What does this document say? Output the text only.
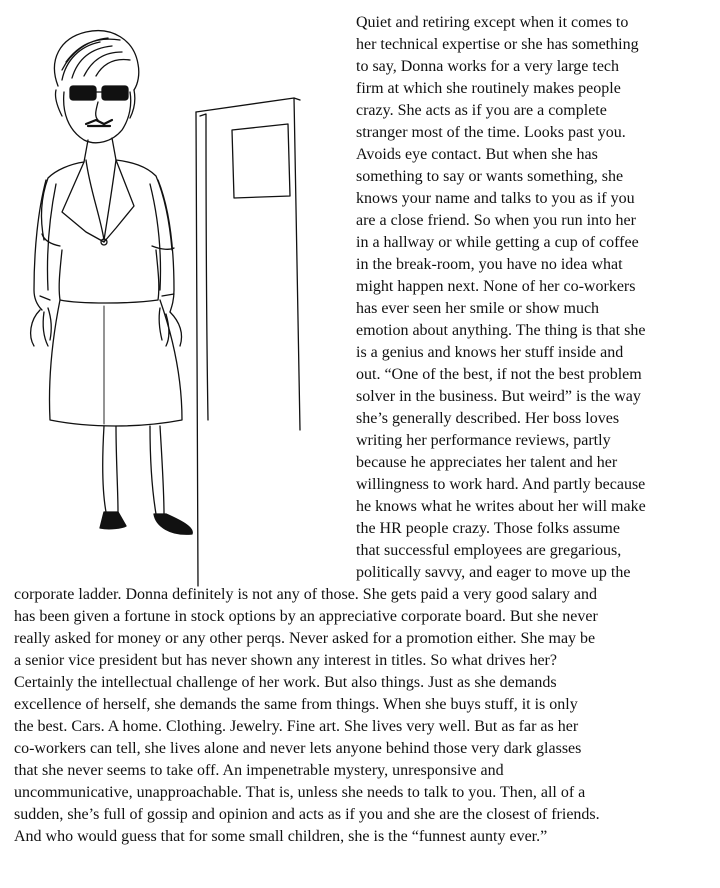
Quiet and retiring except when it comes to

her technical expertise or she has something

to say, Donna works for a very large tech

firm at which she routinely makes people

crazy. She acts as if you are a complete

stranger most of the time. Looks past you.

Avoids eye contact. But when she has

something to say or wants something, she

knows your name and talks to you as if you

are a close friend. So when you run into her

in a hallway or while getting a cup of coffee

in the break-room, you have no idea what

might happen next. None of her co-workers

has ever seen her smile or show much

emotion about anything. The thing is that she

is a genius and knows her stuff inside and

out. “One of the best, if not the best problem

solver in the business. But weird” is the way

she’s generally described. Her boss loves

writing her performance reviews, partly

because he appreciates her talent and her

willingness to work hard. And partly because

he knows what he writes about her will make

the HR people crazy. Those folks assume

that successful employees are gregarious,

politically savvy, and eager to move up the

corporate ladder. Donna definitely is not any of those. She gets paid a very good salary and

has been given a fortune in stock options by an appreciative corporate board. But she never

really asked for money or any other perqs. Never asked for a promotion either. She may be

a senior vice president but has never shown any interest in titles. So what drives her?

Certainly the intellectual challenge of her work. But also things. Just as she demands

excellence of herself, she demands the same from things. When she buys stuff, it is only

the best. Cars. A home. Clothing. Jewelry. Fine art. She lives very well. But as far as her

co-workers can tell, she lives alone and never lets anyone behind those very dark glasses

that she never seems to take off. An impenetrable mystery, unresponsive and

uncommunicative, unapproachable. That is, unless she needs to talk to you. Then, all of a

sudden, she’s full of gossip and opinion and acts as if you and she are the closest of friends.

And who would guess that for some small children, she is the “funnest aunty ever.”
